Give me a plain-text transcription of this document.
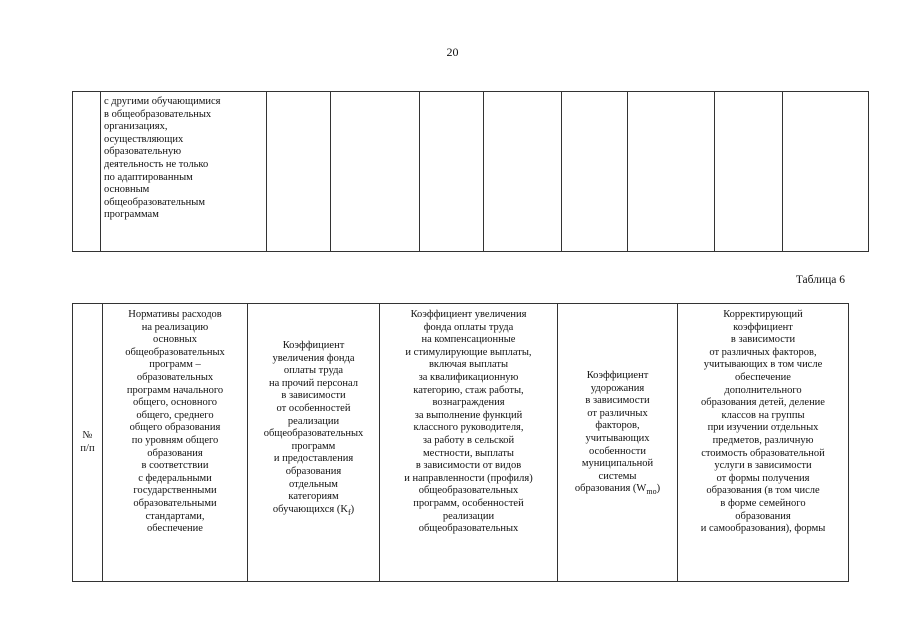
20
	с другими обучающимися
в общеобразовательных
организациях,
осуществляющих
образовательную
деятельность не только
по адаптированным
основным
общеобразовательным
программам								
Таблица 6
№
п/п	Нормативы расходов
на реализацию
основных
общеобразовательных
программ –
образовательных
программ начального
общего, основного
общего, среднего
общего образования
по уровням общего
образования
в соответствии
с федеральными
государственными
образовательными
стандартами,
обеспечение	Коэффициент
увеличения фонда
оплаты труда
на прочий персонал
в зависимости
от особенностей
реализации
общеобразовательных
программ
и предоставления
образования
отдельным
категориям
обучающихся $(K_f)$	Коэффициент увеличения
фонда оплаты труда
на компенсационные
и стимулирующие выплаты,
включая выплаты
за квалификационную
категорию, стаж работы,
вознаграждения
за выполнение функций
классного руководителя,
за работу в сельской
местности, выплаты
в зависимости от видов
и направленности (профиля)
общеобразовательных
программ, особенностей
реализации
общеобразовательных	Коэффициент
удорожания
в зависимости
от различных
факторов,
учитывающих
особенности
муниципальной
системы
образования $(W_{mo})$	Корректирующий
коэффициент
в зависимости
от различных факторов,
учитывающих в том числе
обеспечение
дополнительного
образования детей, деление
классов на группы
при изучении отдельных
предметов, различную
стоимость образовательной
услуги в зависимости
от формы получения
образования (в том числе
в форме семейного
образования
и самообразования), формы
